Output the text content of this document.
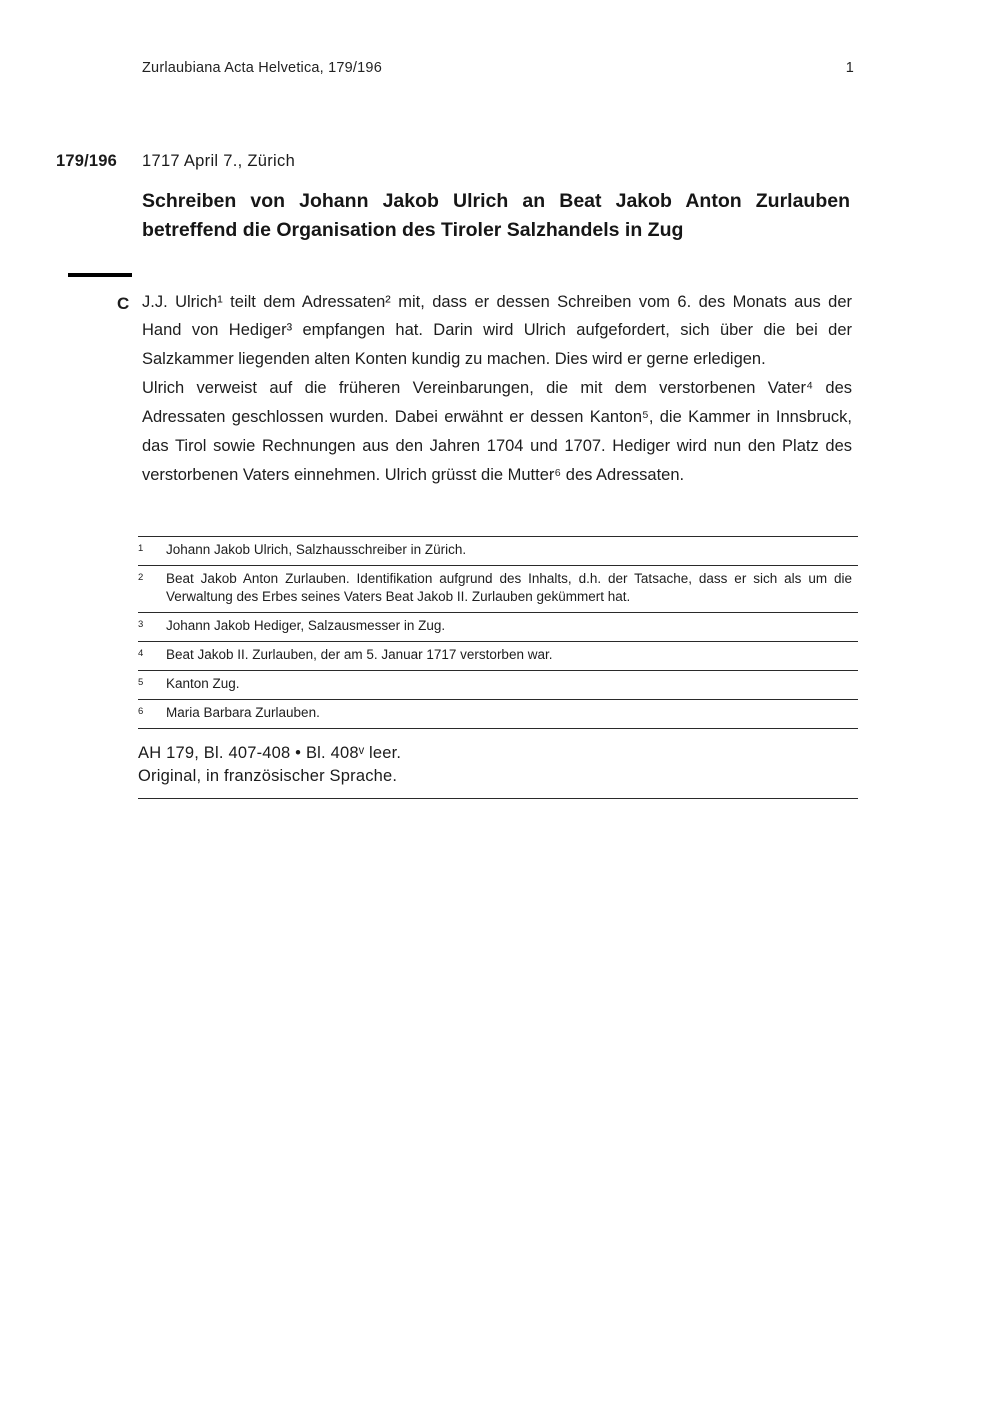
Zurlaubiana Acta Helvetica, 179/196	1
179/196	1717 April 7., Zürich
Schreiben von Johann Jakob Ulrich an Beat Jakob Anton Zurlauben betreffend die Organisation des Tiroler Salzhandels in Zug
C J.J. Ulrich¹ teilt dem Adressaten² mit, dass er dessen Schreiben vom 6. des Monats aus der Hand von Hediger³ empfangen hat. Darin wird Ulrich aufgefordert, sich über die bei der Salzkammer liegenden alten Konten kundig zu machen. Dies wird er gerne erledigen.

Ulrich verweist auf die früheren Vereinbarungen, die mit dem verstorbenen Vater⁴ des Adressaten geschlossen wurden. Dabei erwähnt er dessen Kanton⁵, die Kammer in Innsbruck, das Tirol sowie Rechnungen aus den Jahren 1704 und 1707. Hediger wird nun den Platz des verstorbenen Vaters einnehmen. Ulrich grüsst die Mutter⁶ des Adressaten.

1	Johann Jakob Ulrich, Salzhausschreiber in Zürich.
2	Beat Jakob Anton Zurlauben. Identifikation aufgrund des Inhalts, d.h. der Tatsache, dass er sich als um die Verwaltung des Erbes seines Vaters Beat Jakob II. Zurlauben gekümmert hat.
3	Johann Jakob Hediger, Salzausmesser in Zug.
4	Beat Jakob II. Zurlauben, der am 5. Januar 1717 verstorben war.
5	Kanton Zug.
6	Maria Barbara Zurlauben.
AH 179, Bl. 407-408 • Bl. 408ᵛ leer.
Original, in französischer Sprache.
